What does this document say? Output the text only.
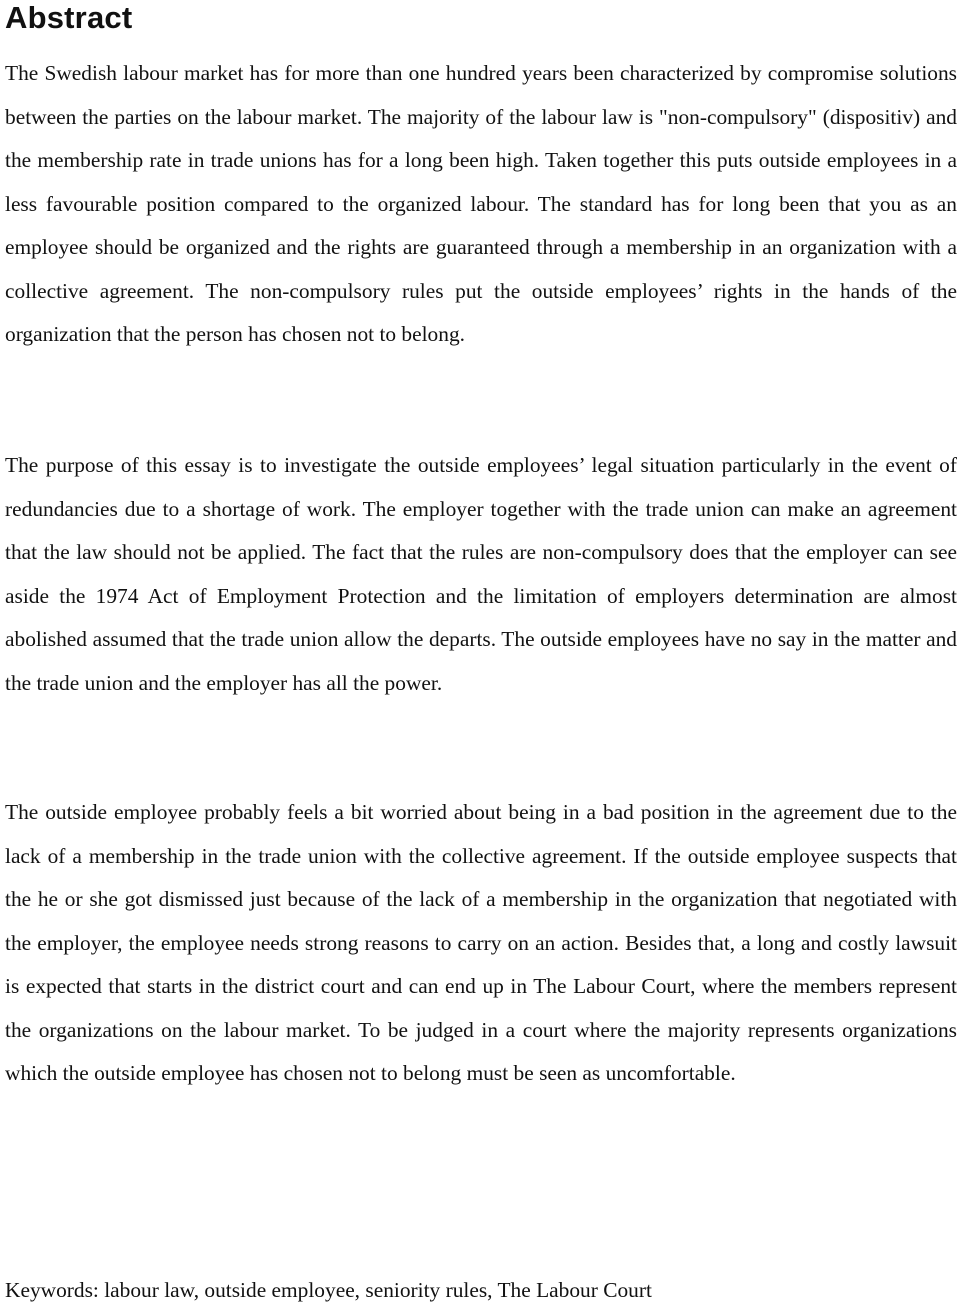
Abstract

The Swedish labour market has for more than one hundred years been characterized by compromise solutions between the parties on the labour market. The majority of the labour law is "non-compulsory" (dispositiv) and the membership rate in trade unions has for a long been high. Taken together this puts outside employees in a less favourable position compared to the organized labour. The standard has for long been that you as an employee should be organized and the rights are guaranteed through a membership in an organization with a collective agreement. The non-compulsory rules put the outside employees’ rights in the hands of the organization that the person has chosen not to belong.

The purpose of this essay is to investigate the outside employees’ legal situation particularly in the event of redundancies due to a shortage of work. The employer together with the trade union can make an agreement that the law should not be applied. The fact that the rules are non-compulsory does that the employer can see aside the 1974 Act of Employment Protection and the limitation of employers determination are almost abolished assumed that the trade union allow the departs. The outside employees have no say in the matter and the trade union and the employer has all the power.

The outside employee probably feels a bit worried about being in a bad position in the agreement due to the lack of a membership in the trade union with the collective agreement. If the outside employee suspects that the he or she got dismissed just because of the lack of a membership in the organization that negotiated with the employer, the employee needs strong reasons to carry on an action. Besides that, a long and costly lawsuit is expected that starts in the district court and can end up in The Labour Court, where the members represent the organizations on the labour market. To be judged in a court where the majority represents organizations which the outside employee has chosen not to belong must be seen as uncomfortable.

Keywords: labour law, outside employee, seniority rules, The Labour Court
